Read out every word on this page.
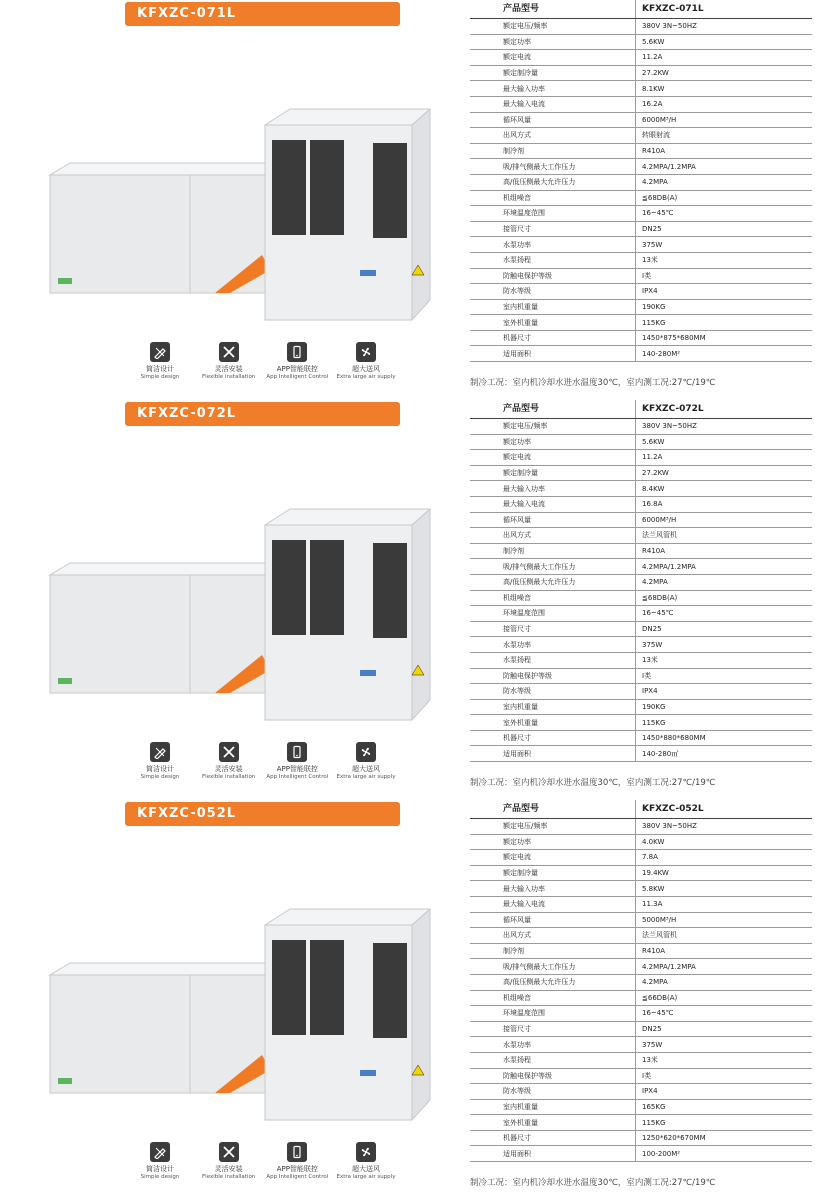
KFXZC-071L
简洁设计
Simple design
灵活安装
Flexible installation
APP智能联控
App Intelligent Control
超大送风
Extra large air supply
产品型号	KFXZC-071L
额定电压/频率	380V 3N~50HZ
额定功率	5.6KW
额定电流	11.2A
额定制冷量	27.2KW
最大输入功率	8.1KW
最大输入电流	16.2A
循环风量	6000M³/H
出风方式	转眼射流
制冷剂	R410A
吸/排气侧最大工作压力	4.2MPA/1.2MPA
高/低压侧最大允许压力	4.2MPA
机组噪音	≦68DB(A)
环境温度范围	16~45℃
接管尺寸	DN25
水泵功率	375W
水泵扬程	13米
防触电保护等级	I类
防水等级	IPX4
室内机重量	190KG
室外机重量	115KG
机器尺寸	1450*875*680MM
适用面积	140-280M²
制冷工况：室内机冷却水进水温度30℃，室内测工况:27℃/19℃
KFXZC-072L
简洁设计
Simple design
灵活安装
Flexible installation
APP智能联控
App Intelligent Control
超大送风
Extra large air supply
产品型号	KFXZC-072L
额定电压/频率	380V 3N~50HZ
额定功率	5.6KW
额定电流	11.2A
额定制冷量	27.2KW
最大输入功率	8.4KW
最大输入电流	16.8A
循环风量	6000M³/H
出风方式	法兰风管机
制冷剂	R410A
吸/排气侧最大工作压力	4.2MPA/1.2MPA
高/低压侧最大允许压力	4.2MPA
机组噪音	≦68DB(A)
环境温度范围	16~45℃
接管尺寸	DN25
水泵功率	375W
水泵扬程	13米
防触电保护等级	I类
防水等级	IPX4
室内机重量	190KG
室外机重量	115KG
机器尺寸	1450*880*680MM
适用面积	140-280㎡
制冷工况：室内机冷却水进水温度30℃，室内测工况:27℃/19℃
KFXZC-052L
简洁设计
Simple design
灵活安装
Flexible installation
APP智能联控
App Intelligent Control
超大送风
Extra large air supply
产品型号	KFXZC-052L
额定电压/频率	380V 3N~50HZ
额定功率	4.0KW
额定电流	7.8A
额定制冷量	19.4KW
最大输入功率	5.8KW
最大输入电流	11.3A
循环风量	5000M³/H
出风方式	法兰风管机
制冷剂	R410A
吸/排气侧最大工作压力	4.2MPA/1.2MPA
高/低压侧最大允许压力	4.2MPA
机组噪音	≦66DB(A)
环境温度范围	16~45℃
接管尺寸	DN25
水泵功率	375W
水泵扬程	13米
防触电保护等级	I类
防水等级	IPX4
室内机重量	165KG
室外机重量	115KG
机器尺寸	1250*620*670MM
适用面积	100-200M²
制冷工况：室内机冷却水进水温度30℃，室内测工况:27℃/19℃
